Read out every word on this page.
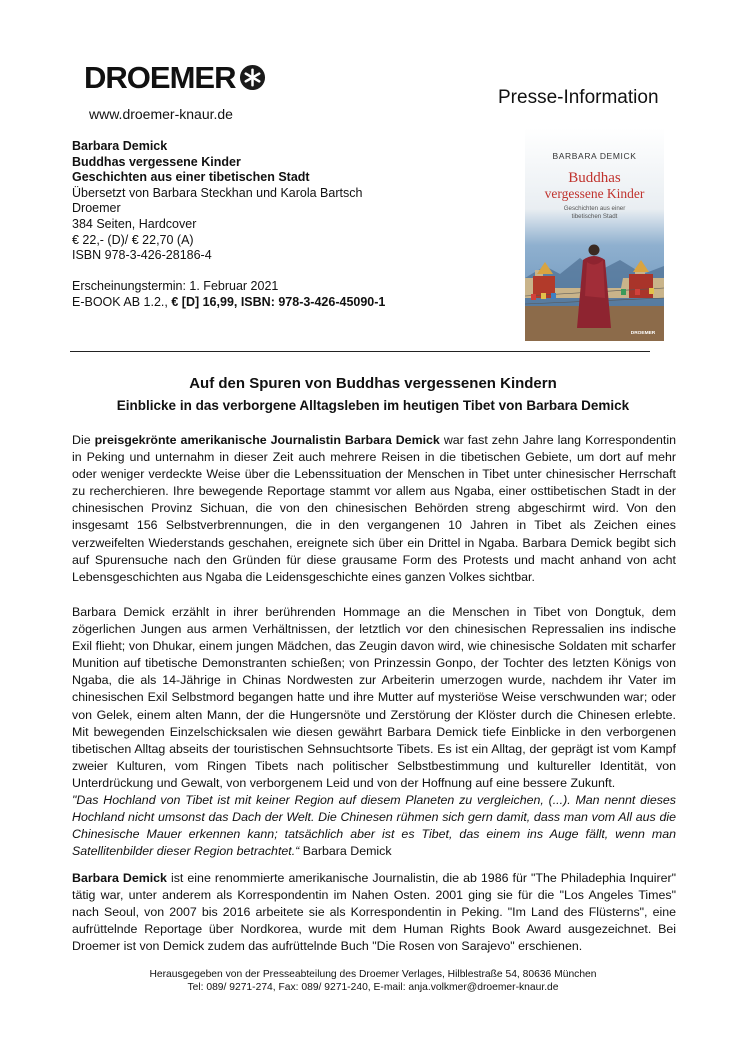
DROEMER
www.droemer-knaur.de
Presse-Information
Barbara Demick
Buddhas vergessene Kinder
Geschichten aus einer tibetischen Stadt
Übersetzt von Barbara Steckhan und Karola Bartsch
Droemer
384 Seiten, Hardcover
€ 22,- (D)/ € 22,70 (A)
ISBN 978-3-426-28186-4
Erscheinungstermin: 1. Februar 2021
E-BOOK AB 1.2., € [D] 16,99, ISBN: 978-3-426-45090-1
BARBARA DEMICK
Buddhas
vergessene Kinder
Geschichten aus einer
tibetischen Stadt
DROEMER
Auf den Spuren von Buddhas vergessenen Kindern
Einblicke in das verborgene Alltagsleben im heutigen Tibet von Barbara Demick
Die preisgekrönte amerikanische Journalistin Barbara Demick war fast zehn Jahre lang Korrespondentin in Peking und unternahm in dieser Zeit auch mehrere Reisen in die tibetischen Gebiete, um dort auf mehr oder weniger verdeckte Weise über die Lebenssituation der Menschen in Tibet unter chinesischer Herrschaft zu recherchieren. Ihre bewegende Reportage stammt vor allem aus Ngaba, einer osttibetischen Stadt in der chinesischen Provinz Sichuan, die von den chinesischen Behörden streng abgeschirmt wird. Von den insgesamt 156 Selbstverbrennungen, die in den vergangenen 10 Jahren in Tibet als Zeichen eines verzweifelten Wiederstands geschahen, ereignete sich über ein Drittel in Ngaba. Barbara Demick begibt sich auf Spurensuche nach den Gründen für diese grausame Form des Protests und macht anhand von acht Lebensgeschichten aus Ngaba die Leidensgeschichte eines ganzen Volkes sichtbar.
Barbara Demick erzählt in ihrer berührenden Hommage an die Menschen in Tibet von Dongtuk, dem zögerlichen Jungen aus armen Verhältnissen, der letztlich vor den chinesischen Repressalien ins indische Exil flieht; von Dhukar, einem jungen Mädchen, das Zeugin davon wird, wie chinesische Soldaten mit scharfer Munition auf tibetische Demonstranten schießen; von Prinzessin Gonpo, der Tochter des letzten Königs von Ngaba, die als 14-Jährige in Chinas Nordwesten zur Arbeiterin umerzogen wurde, nachdem ihr Vater im chinesischen Exil Selbstmord begangen hatte und ihre Mutter auf mysteriöse Weise verschwunden war; oder von Gelek, einem alten Mann, der die Hungersnöte und Zerstörung der Klöster durch die Chinesen erlebte. Mit bewegenden Einzelschicksalen wie diesen gewährt Barbara Demick tiefe Einblicke in den verborgenen tibetischen Alltag abseits der touristischen Sehnsuchtsorte Tibets. Es ist ein Alltag, der geprägt ist vom Kampf zweier Kulturen, vom Ringen Tibets nach politischer Selbstbestimmung und kultureller Identität, von Unterdrückung und Gewalt, von verborgenem Leid und von der Hoffnung auf eine bessere Zukunft.
"Das Hochland von Tibet ist mit keiner Region auf diesem Planeten zu vergleichen, (...). Man nennt dieses Hochland nicht umsonst das Dach der Welt. Die Chinesen rühmen sich gern damit, dass man vom All aus die Chinesische Mauer erkennen kann; tatsächlich aber ist es Tibet, das einem ins Auge fällt, wenn man Satellitenbilder dieser Region betrachtet.“ Barbara Demick
Barbara Demick ist eine renommierte amerikanische Journalistin, die ab 1986 für "The Philadephia Inquirer" tätig war, unter anderem als Korrespondentin im Nahen Osten. 2001 ging sie für die "Los Angeles Times" nach Seoul, von 2007 bis 2016 arbeitete sie als Korrespondentin in Peking. "Im Land des Flüsterns", eine aufrüttelnde Reportage über Nordkorea, wurde mit dem Human Rights Book Award ausgezeichnet. Bei Droemer ist von Demick zudem das aufrüttelnde Buch "Die Rosen von Sarajevo" erschienen.
Herausgegeben von der Presseabteilung des Droemer Verlages, Hilblestraße 54, 80636 München
Tel: 089/ 9271-274, Fax: 089/ 9271-240, E-mail: anja.volkmer@droemer-knaur.de
